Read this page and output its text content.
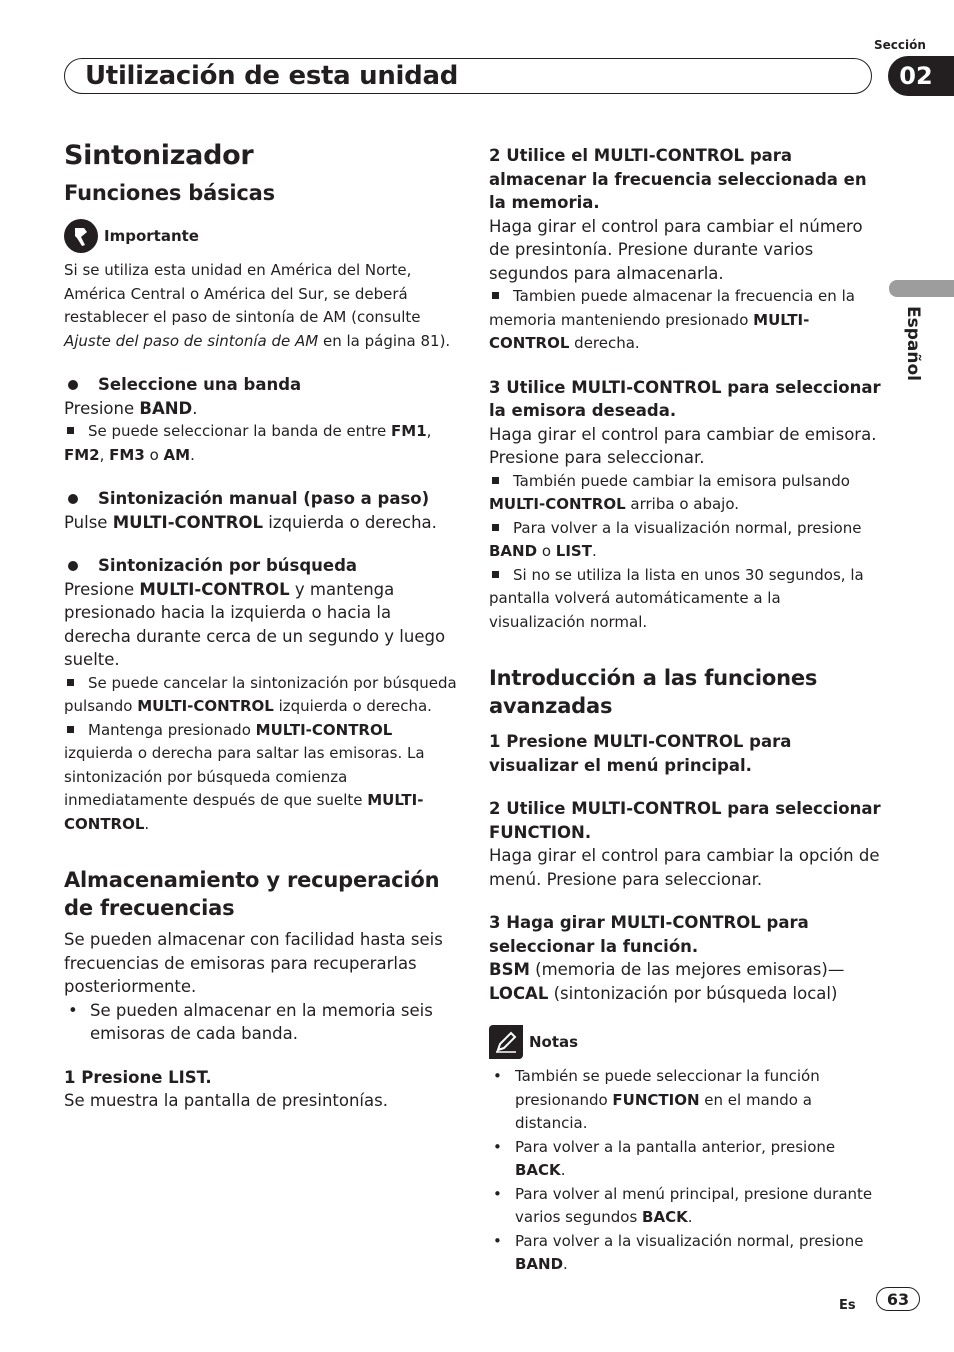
Sección
Utilización de esta unidad	02
Español
Sintonizador
Funciones básicas
Importante

Si se utiliza esta unidad en América del Norte, América Central o América del Sur, se deberá restablecer el paso de sintonía de AM (consulte Ajuste del paso de sintonía de AM en la página 81).

Seleccione una banda

Presione BAND.

Se puede seleccionar la banda de entre FM1, FM2, FM3 o AM.

Sintonización manual (paso a paso)

Pulse MULTI-CONTROL izquierda o derecha.

Sintonización por búsqueda

Presione MULTI-CONTROL y mantenga presionado hacia la izquierda o hacia la derecha durante cerca de un segundo y luego suelte.

Se puede cancelar la sintonización por búsqueda pulsando MULTI-CONTROL izquierda o derecha.

Mantenga presionado MULTI-CONTROL izquierda o derecha para saltar las emisoras. La sintonización por búsqueda comienza inmediatamente después de que suelte MULTI-CONTROL.

Almacenamiento y recuperación de frecuencias

Se pueden almacenar con facilidad hasta seis frecuencias de emisoras para recuperarlas posteriormente.

• Se pueden almacenar en la memoria seis emisoras de cada banda.

1 Presione LIST.

Se muestra la pantalla de presintonías.

2 Utilice el MULTI-CONTROL para almacenar la frecuencia seleccionada en la memoria.

Haga girar el control para cambiar el número de presintonía. Presione durante varios segundos para almacenarla.

Tambien puede almacenar la frecuencia en la memoria manteniendo presionado MULTI-CONTROL derecha.

3 Utilice MULTI-CONTROL para seleccionar la emisora deseada.

Haga girar el control para cambiar de emisora. Presione para seleccionar.

También puede cambiar la emisora pulsando MULTI-CONTROL arriba o abajo.

Para volver a la visualización normal, presione BAND o LIST.

Si no se utiliza la lista en unos 30 segundos, la pantalla volverá automáticamente a la visualización normal.

Introducción a las funciones avanzadas

1 Presione MULTI-CONTROL para visualizar el menú principal.

2 Utilice MULTI-CONTROL para seleccionar FUNCTION.

Haga girar el control para cambiar la opción de menú. Presione para seleccionar.

3 Haga girar MULTI-CONTROL para seleccionar la función.

BSM (memoria de las mejores emisoras)—LOCAL (sintonización por búsqueda local)

Notas

• También se puede seleccionar la función presionando FUNCTION en el mando a distancia.

• Para volver a la pantalla anterior, presione BACK.

• Para volver al menú principal, presione durante varios segundos BACK.

• Para volver a la visualización normal, presione BAND.

Es	63
